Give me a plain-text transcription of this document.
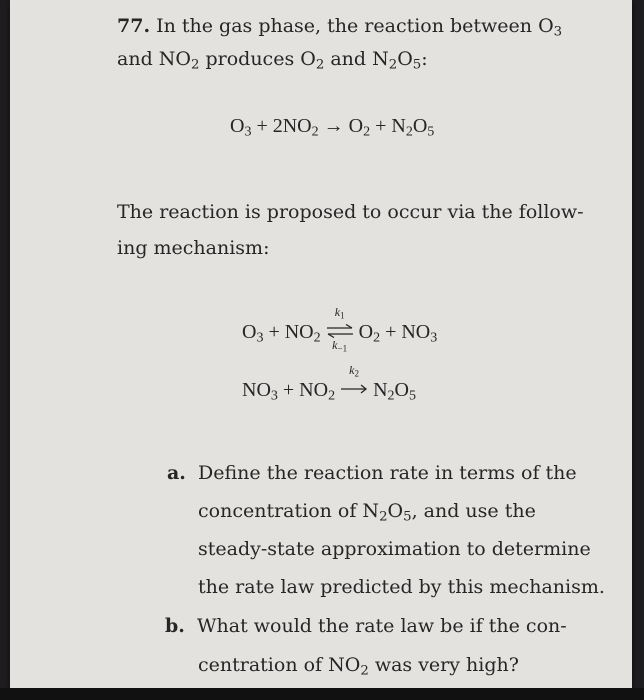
77. In the gas phase, the reaction between $O_3$
and $NO_2$ produces $O_2$ and $N_2O_5$:
$O_3 + 2NO_2 \to O_2 + N_2O_5$
The reaction is proposed to occur via the follow-
ing mechanism:
$O_3 + NO_2$
$k_1$
$k_{-1}$
$O_2 + NO_3$
$NO_3 + NO_2$
$k_2$
$N_2O_5$
a. Define the reaction rate in terms of the
concentration of $N_2O_5$, and use the
steady-state approximation to determine
the rate law predicted by this mechanism.
b. What would the rate law be if the con-
centration of $NO_2$ was very high?
